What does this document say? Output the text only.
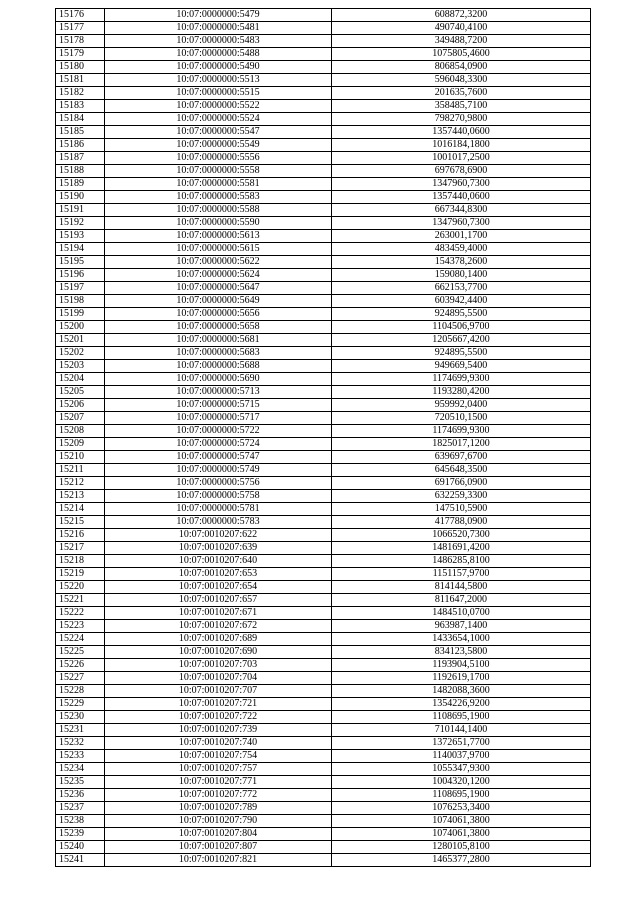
15176	10:07:0000000:5479	608872,3200
15177	10:07:0000000:5481	490740,4100
15178	10:07:0000000:5483	349488,7200
15179	10:07:0000000:5488	1075805,4600
15180	10:07:0000000:5490	806854,0900
15181	10:07:0000000:5513	596048,3300
15182	10:07:0000000:5515	201635,7600
15183	10:07:0000000:5522	358485,7100
15184	10:07:0000000:5524	798270,9800
15185	10:07:0000000:5547	1357440,0600
15186	10:07:0000000:5549	1016184,1800
15187	10:07:0000000:5556	1001017,2500
15188	10:07:0000000:5558	697678,6900
15189	10:07:0000000:5581	1347960,7300
15190	10:07:0000000:5583	1357440,0600
15191	10:07:0000000:5588	667344,8300
15192	10:07:0000000:5590	1347960,7300
15193	10:07:0000000:5613	263001,1700
15194	10:07:0000000:5615	483459,4000
15195	10:07:0000000:5622	154378,2600
15196	10:07:0000000:5624	159080,1400
15197	10:07:0000000:5647	662153,7700
15198	10:07:0000000:5649	603942,4400
15199	10:07:0000000:5656	924895,5500
15200	10:07:0000000:5658	1104506,9700
15201	10:07:0000000:5681	1205667,4200
15202	10:07:0000000:5683	924895,5500
15203	10:07:0000000:5688	949669,5400
15204	10:07:0000000:5690	1174699,9300
15205	10:07:0000000:5713	1193280,4200
15206	10:07:0000000:5715	959992,0400
15207	10:07:0000000:5717	720510,1500
15208	10:07:0000000:5722	1174699,9300
15209	10:07:0000000:5724	1825017,1200
15210	10:07:0000000:5747	639697,6700
15211	10:07:0000000:5749	645648,3500
15212	10:07:0000000:5756	691766,0900
15213	10:07:0000000:5758	632259,3300
15214	10:07:0000000:5781	147510,5900
15215	10:07:0000000:5783	417788,0900
15216	10:07:0010207:622	1066520,7300
15217	10:07:0010207:639	1481691,4200
15218	10:07:0010207:640	1486285,8100
15219	10:07:0010207:653	1151157,9700
15220	10:07:0010207:654	814144,5800
15221	10:07:0010207:657	811647,2000
15222	10:07:0010207:671	1484510,0700
15223	10:07:0010207:672	963987,1400
15224	10:07:0010207:689	1433654,1000
15225	10:07:0010207:690	834123,5800
15226	10:07:0010207:703	1193904,5100
15227	10:07:0010207:704	1192619,1700
15228	10:07:0010207:707	1482088,3600
15229	10:07:0010207:721	1354226,9200
15230	10:07:0010207:722	1108695,1900
15231	10:07:0010207:739	710144,1400
15232	10:07:0010207:740	1372651,7700
15233	10:07:0010207:754	1140037,9700
15234	10:07:0010207:757	1055347,9300
15235	10:07:0010207:771	1004320,1200
15236	10:07:0010207:772	1108695,1900
15237	10:07:0010207:789	1076253,3400
15238	10:07:0010207:790	1074061,3800
15239	10:07:0010207:804	1074061,3800
15240	10:07:0010207:807	1280105,8100
15241	10:07:0010207:821	1465377,2800
